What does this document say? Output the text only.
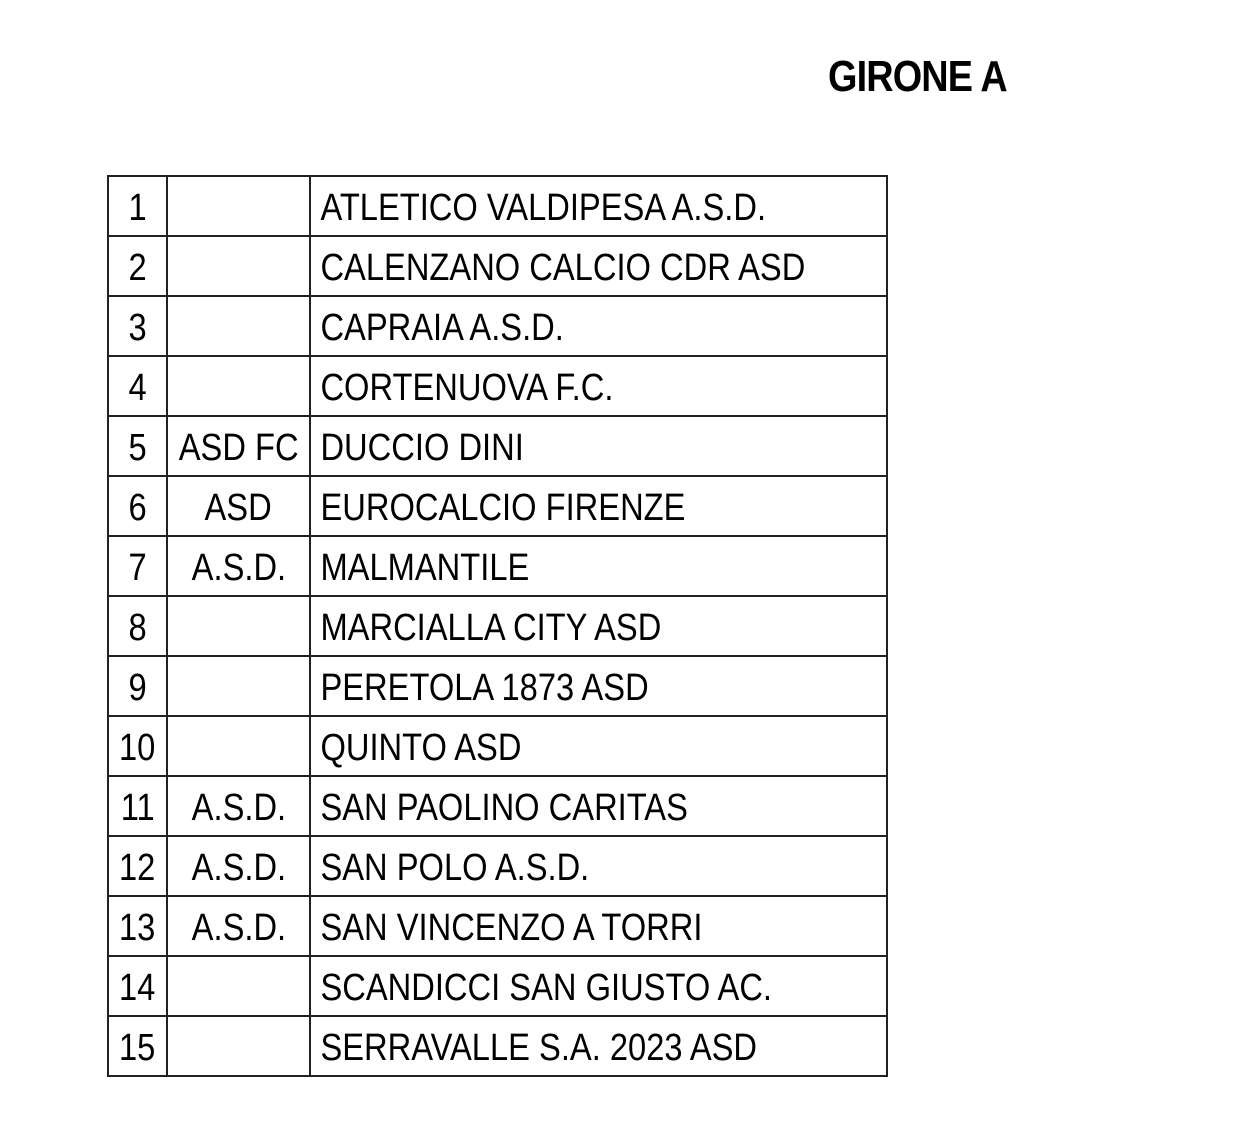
GIRONE A
1		ATLETICO VALDIPESA A.S.D.
2		CALENZANO CALCIO CDR ASD
3		CAPRAIA A.S.D.
4		CORTENUOVA F.C.
5	ASD FC	DUCCIO DINI
6	ASD	EUROCALCIO FIRENZE
7	A.S.D.	MALMANTILE
8		MARCIALLA CITY ASD
9		PERETOLA 1873 ASD
10		QUINTO ASD
11	A.S.D.	SAN PAOLINO CARITAS
12	A.S.D.	SAN POLO A.S.D.
13	A.S.D.	SAN VINCENZO A TORRI
14		SCANDICCI SAN GIUSTO AC.
15		SERRAVALLE S.A. 2023 ASD
